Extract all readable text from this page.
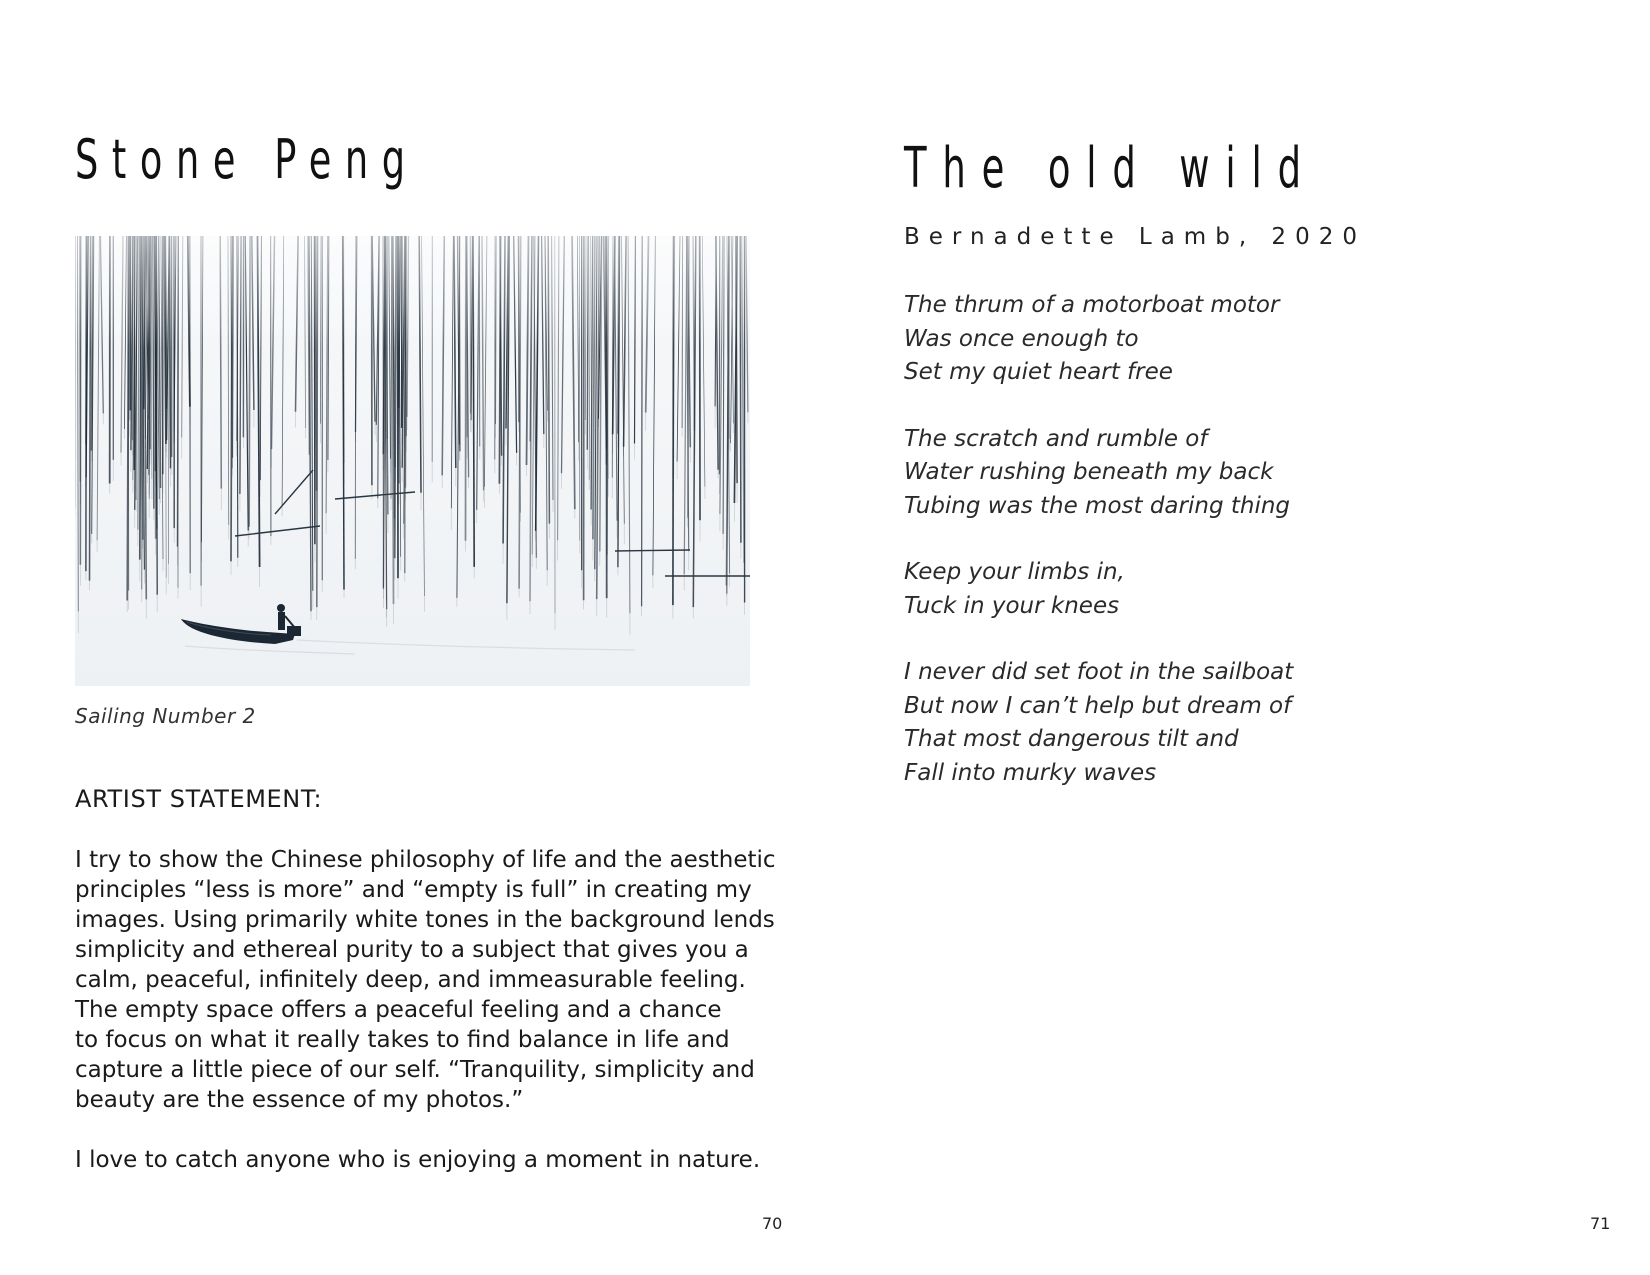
Stone Peng

Sailing Number 2

ARTIST STATEMENT:

I try to show the Chinese philosophy of life and the aesthetic
principles “less is more” and “empty is full” in creating my
images. Using primarily white tones in the background lends
simplicity and ethereal purity to a subject that gives you a
calm, peaceful, infinitely deep, and immeasurable feeling.
The empty space offers a peaceful feeling and a chance
to focus on what it really takes to find balance in life and
capture a little piece of our self. “Tranquility, simplicity and
beauty are the essence of my photos.”

I love to catch anyone who is enjoying a moment in nature.

70

The old wild

Bernadette Lamb, 2020

The thrum of a motorboat motor
Was once enough to
Set my quiet heart free
The scratch and rumble of
Water rushing beneath my back
Tubing was the most daring thing
Keep your limbs in,
Tuck in your knees
I never did set foot in the sailboat
But now I can’t help but dream of
That most dangerous tilt and
Fall into murky waves

71
